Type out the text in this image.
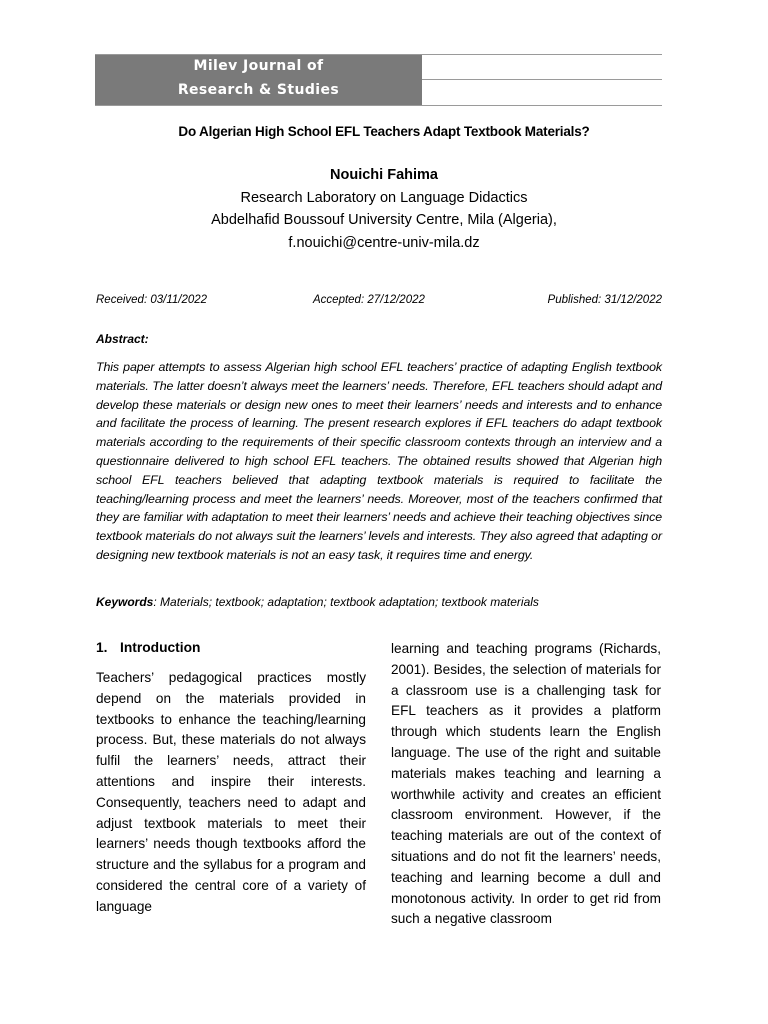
Milev Journal of
Research & Studies
Do Algerian High School EFL Teachers Adapt Textbook Materials?
Nouichi Fahima
Research Laboratory on Language Didactics
Abdelhafid Boussouf University Centre, Mila (Algeria),
f.nouichi@centre-univ-mila.dz
Received: 03/11/2022	Accepted: 27/12/2022	Published: 31/12/2022
Abstract:
This paper attempts to assess Algerian high school EFL teachers’ practice of adapting English textbook materials. The latter doesn’t always meet the learners’ needs. Therefore, EFL teachers should adapt and develop these materials or design new ones to meet their learners’ needs and interests and to enhance and facilitate the process of learning. The present research explores if EFL teachers do adapt textbook materials according to the requirements of their specific classroom contexts through an interview and a questionnaire delivered to high school EFL teachers. The obtained results showed that Algerian high school EFL teachers believed that adapting textbook materials is required to facilitate the teaching/learning process and meet the learners’ needs. Moreover, most of the teachers confirmed that they are familiar with adaptation to meet their learners’ needs and achieve their teaching objectives since textbook materials do not always suit the learners’ levels and interests. They also agreed that adapting or designing new textbook materials is not an easy task, it requires time and energy.
Keywords: Materials; textbook; adaptation; textbook adaptation; textbook materials
1. Introduction
Teachers’ pedagogical practices mostly depend on the materials provided in textbooks to enhance the teaching/learning process. But, these materials do not always fulfil the learners’ needs, attract their attentions and inspire their interests. Consequently, teachers need to adapt and adjust textbook materials to meet their learners’ needs though textbooks afford the structure and the syllabus for a program and considered the central core of a variety of language
learning and teaching programs (Richards, 2001). Besides, the selection of materials for a classroom use is a challenging task for EFL teachers as it provides a platform through which students learn the English language. The use of the right and suitable materials makes teaching and learning a worthwhile activity and creates an efficient classroom environment. However, if the teaching materials are out of the context of situations and do not fit the learners’ needs, teaching and learning become a dull and monotonous activity. In order to get rid from such a negative classroom
